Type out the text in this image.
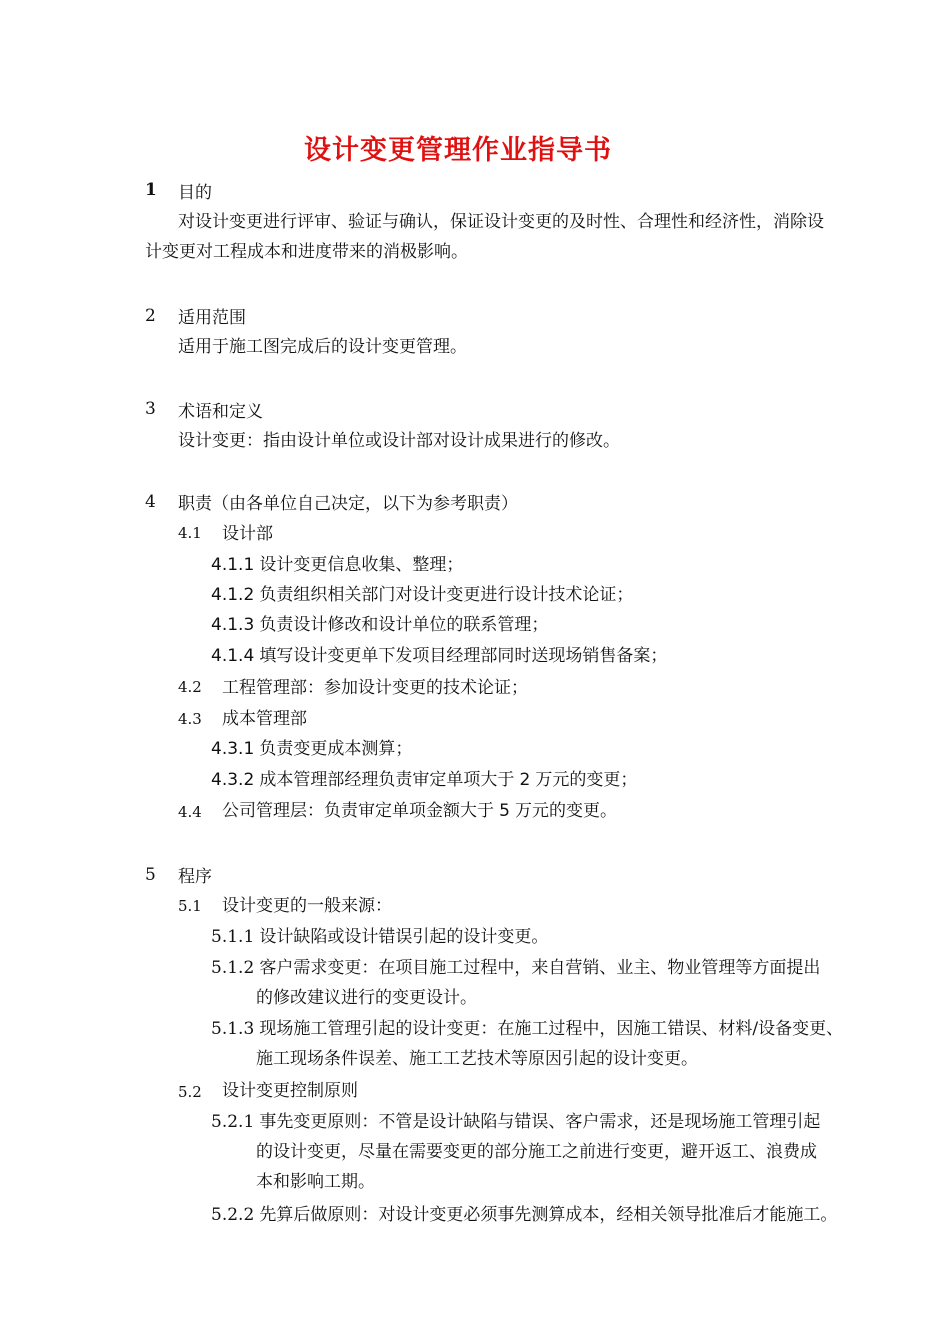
设计变更管理作业指导书
1 目的
对设计变更进行评审、验证与确认，保证设计变更的及时性、合理性和经济性，消除设
计变更对工程成本和进度带来的消极影响。
2 适用范围
适用于施工图完成后的设计变更管理。
3 术语和定义
设计变更：指由设计单位或设计部对设计成果进行的修改。
4 职责（由各单位自己决定，以下为参考职责）
4.1 设计部
4.1.1 设计变更信息收集、整理；
4.1.2 负责组织相关部门对设计变更进行设计技术论证；
4.1.3 负责设计修改和设计单位的联系管理；
4.1.4 填写设计变更单下发项目经理部同时送现场销售备案；
4.2 工程管理部：参加设计变更的技术论证；
4.3 成本管理部
4.3.1 负责变更成本测算；
4.3.2 成本管理部经理负责审定单项大于 2 万元的变更；
4.4 公司管理层：负责审定单项金额大于 5 万元的变更。
5 程序
5.1 设计变更的一般来源：
5.1.1 设计缺陷或设计错误引起的设计变更。
5.1.2 客户需求变更：在项目施工过程中，来自营销、业主、物业管理等方面提出
的修改建议进行的变更设计。
5.1.3 现场施工管理引起的设计变更：在施工过程中，因施工错误、材料/设备变更、
施工现场条件误差、施工工艺技术等原因引起的设计变更。
5.2 设计变更控制原则
5.2.1 事先变更原则：不管是设计缺陷与错误、客户需求，还是现场施工管理引起
的设计变更，尽量在需要变更的部分施工之前进行变更，避开返工、浪费成
本和影响工期。
5.2.2 先算后做原则：对设计变更必须事先测算成本，经相关领导批准后才能施工。
